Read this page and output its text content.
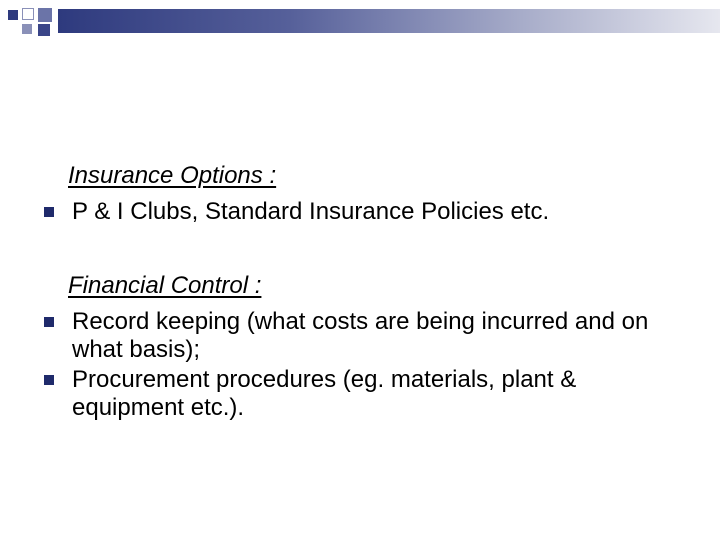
Insurance Options :
P & I Clubs, Standard Insurance Policies etc.
Financial Control :
Record keeping (what costs are being incurred and on what basis);
Procurement procedures (eg. materials, plant & equipment etc.).
